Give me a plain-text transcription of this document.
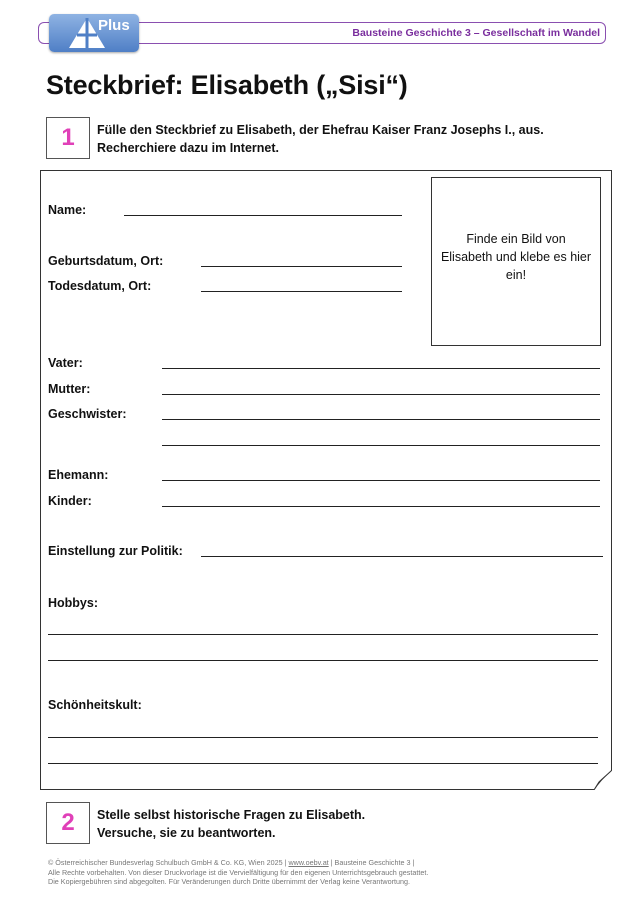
Bausteine Geschichte 3 – Gesellschaft im Wandel
Plus
Steckbrief: Elisabeth („Sisi“)
1	Fülle den Steckbrief zu Elisabeth, der Ehefrau Kaiser Franz Josephs I., aus.
Recherchiere dazu im Internet.
Finde ein Bild von
Elisabeth und klebe es hier
ein!
Name:
Geburtsdatum, Ort:
Todesdatum, Ort:
Vater:
Mutter:
Geschwister:
Ehemann:
Kinder:
Einstellung zur Politik:
Hobbys:
Schönheitskult:
2	Stelle selbst historische Fragen zu Elisabeth.
Versuche, sie zu beantworten.
© Österreichischer Bundesverlag Schulbuch GmbH & Co. KG, Wien 2025 | www.oebv.at | Bausteine Geschichte 3 |
Alle Rechte vorbehalten. Von dieser Druckvorlage ist die Vervielfältigung für den eigenen Unterrichtsgebrauch gestattet.
Die Kopiergebühren sind abgegolten. Für Veränderungen durch Dritte übernimmt der Verlag keine Verantwortung.
